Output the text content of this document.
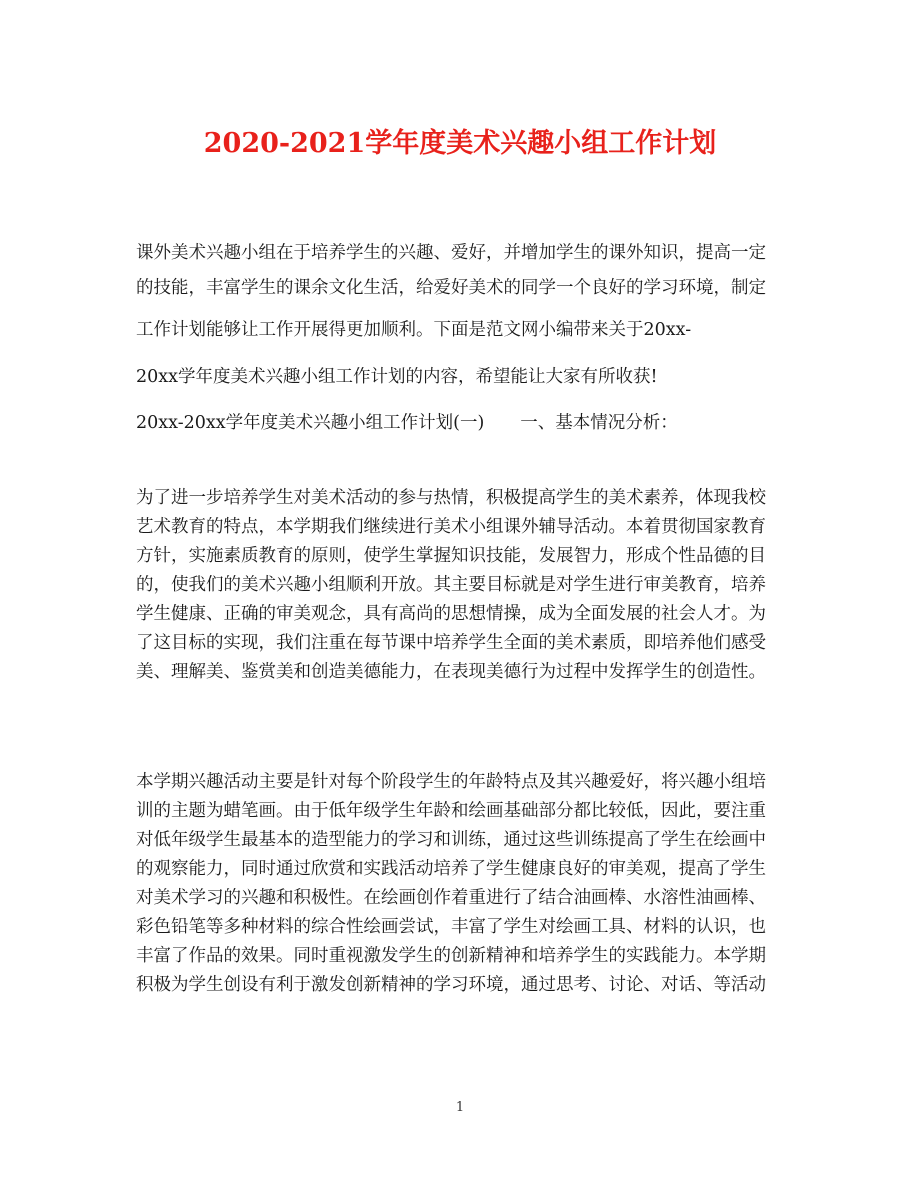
2020-2021学年度美术兴趣小组工作计划
课外美术兴趣小组在于培养学生的兴趣、爱好，并增加学生的课外知识，提高一定
的技能，丰富学生的课余文化生活，给爱好美术的同学一个良好的学习环境，制定
工作计划能够让工作开展得更加顺利。下面是范文网小编带来关于20xx-
20xx学年度美术兴趣小组工作计划的内容，希望能让大家有所收获!
20xx-20xx学年度美术兴趣小组工作计划(一) 一、基本情况分析：
为了进一步培养学生对美术活动的参与热情，积极提高学生的美术素养，体现我校
艺术教育的特点，本学期我们继续进行美术小组课外辅导活动。本着贯彻国家教育
方针，实施素质教育的原则，使学生掌握知识技能，发展智力，形成个性品德的目
的，使我们的美术兴趣小组顺利开放。其主要目标就是对学生进行审美教育，培养
学生健康、正确的审美观念，具有高尚的思想情操，成为全面发展的社会人才。为
了这目标的实现，我们注重在每节课中培养学生全面的美术素质，即培养他们感受
美、理解美、鉴赏美和创造美德能力，在表现美德行为过程中发挥学生的创造性。
本学期兴趣活动主要是针对每个阶段学生的年龄特点及其兴趣爱好，将兴趣小组培
训的主题为蜡笔画。由于低年级学生年龄和绘画基础部分都比较低，因此，要注重
对低年级学生最基本的造型能力的学习和训练，通过这些训练提高了学生在绘画中
的观察能力，同时通过欣赏和实践活动培养了学生健康良好的审美观，提高了学生
对美术学习的兴趣和积极性。在绘画创作着重进行了结合油画棒、水溶性油画棒、
彩色铅笔等多种材料的综合性绘画尝试，丰富了学生对绘画工具、材料的认识，也
丰富了作品的效果。同时重视激发学生的创新精神和培养学生的实践能力。本学期
积极为学生创设有利于激发创新精神的学习环境，通过思考、讨论、对话、等活动
1
